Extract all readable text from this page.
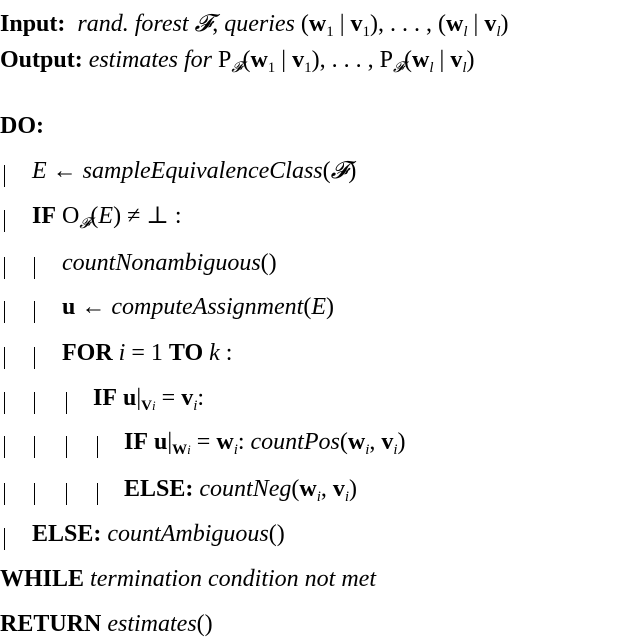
Input: rand. forest 𝓕, queries ($w_1$ | $v_1$), . . . , ($w_l$ | $v_l$)
Output: estimates for $P_𝓕(w_1$ | $v_1$), . . . , $P_𝓕(w_l$ | $v_l$)
DO:
E ← sampleEquivalenceClass(𝓕)
IF $O_𝓕(E)$ ≠ ⊥ :
countNonambiguous()
u ← computeAssignment(E)
FOR i = 1 TO k :
IF $u|_{Vi} = v_i$:
IF $u|_{Wi} = w_i$: $countPos(w_i$, $v_i$)
ELSE: $countNeg(w_i$, $v_i$)
ELSE: countAmbiguous()
WHILE termination condition not met
RETURN estimates()
